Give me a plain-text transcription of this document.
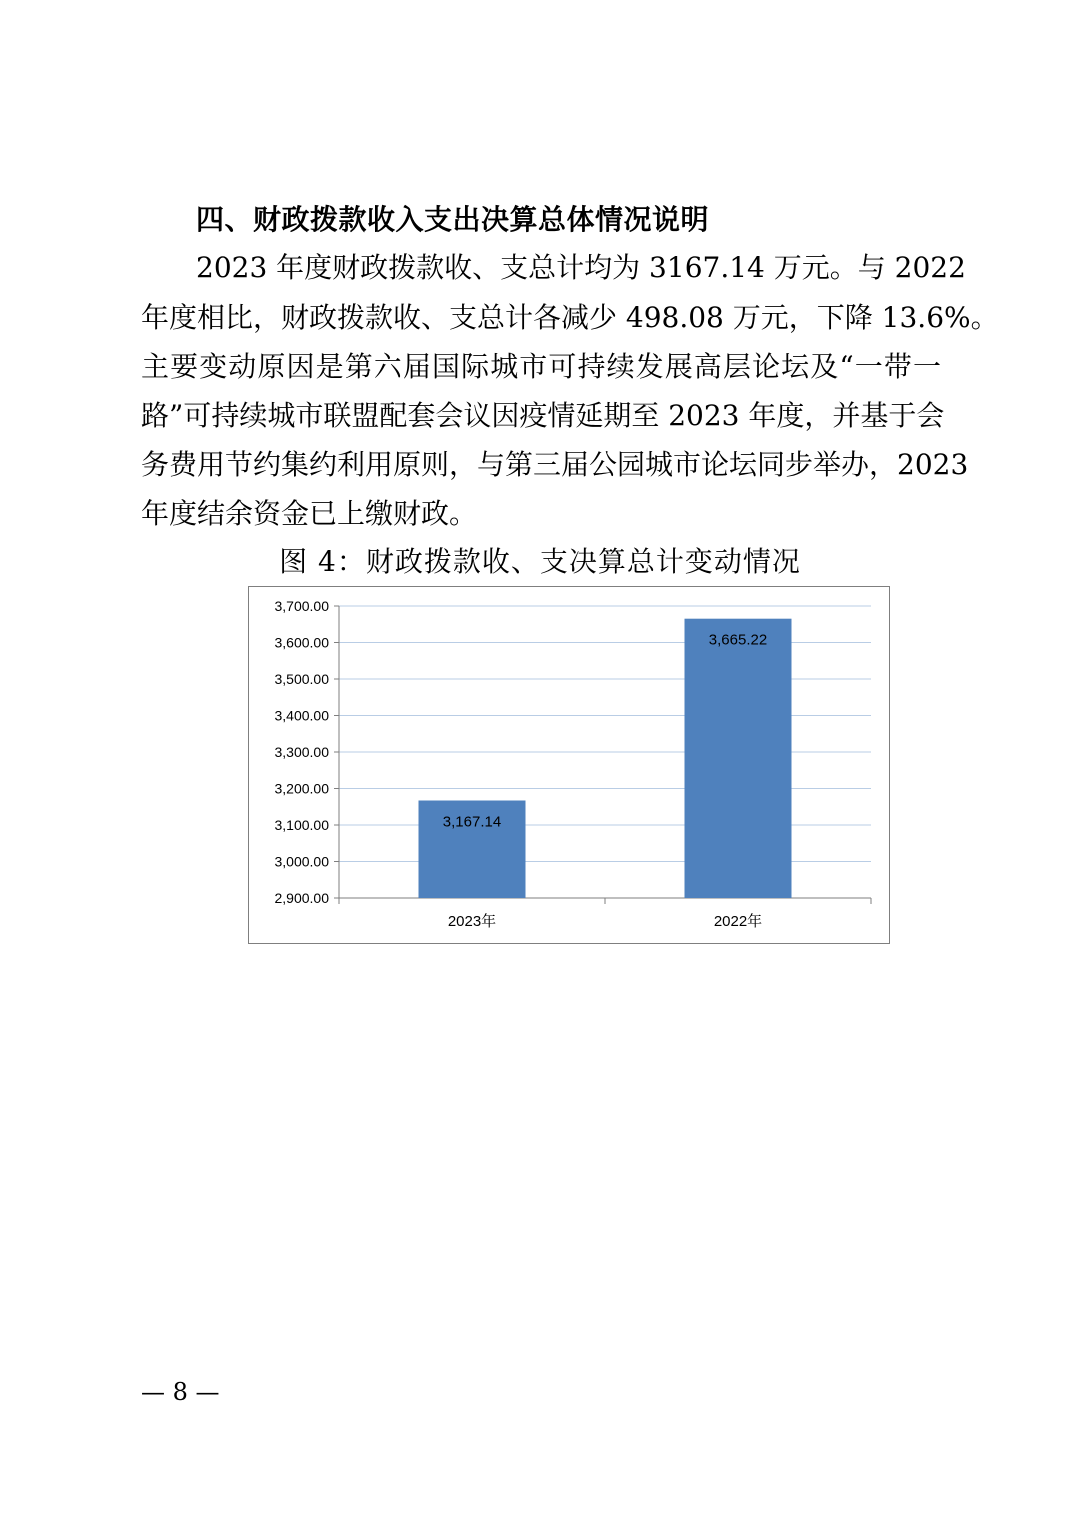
四、财政拨款收入支出决算总体情况说明
2023 年度财政拨款收、支总计均为 3167.14 万元。与 2022
年度相比，财政拨款收、支总计各减少 498.08 万元，下降 13.6%。
主要变动原因是第六届国际城市可持续发展高层论坛及“一带一
路”可持续城市联盟配套会议因疫情延期至 2023 年度，并基于会
务费用节约集约利用原则，与第三届公园城市论坛同步举办，2023
年度结余资金已上缴财政。
图 4：财政拨款收、支决算总计变动情况
2,900.00
3,000.00
3,100.00
3,200.00
3,300.00
3,400.00
3,500.00
3,600.00
3,700.00
3,167.14
2023年
3,665.22
2022年
— 8 —
